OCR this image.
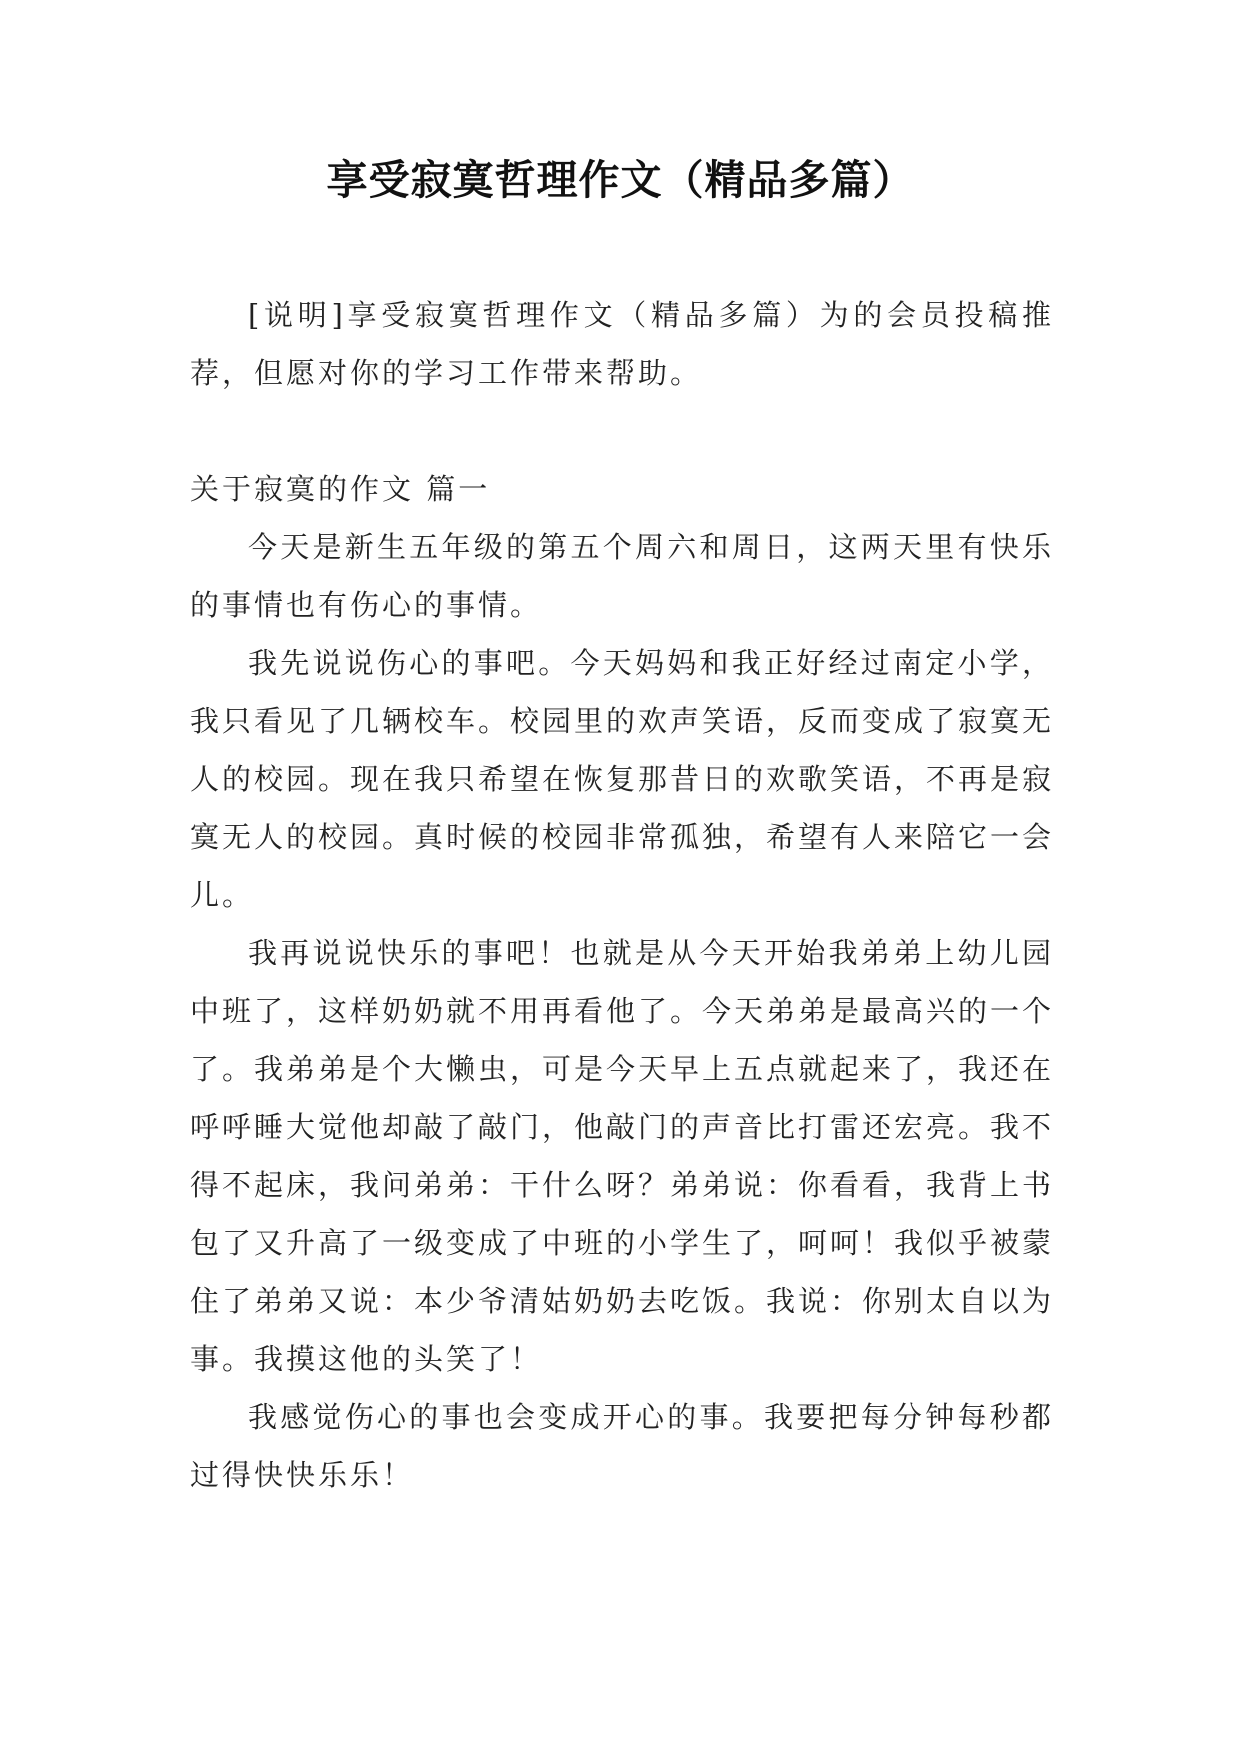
享受寂寞哲理作文（精品多篇）

[说明]享受寂寞哲理作文（精品多篇）为的会员投稿推荐，但愿对你的学习工作带来帮助。

关于寂寞的作文 篇一

今天是新生五年级的第五个周六和周日，这两天里有快乐的事情也有伤心的事情。

我先说说伤心的事吧。今天妈妈和我正好经过南定小学，我只看见了几辆校车。校园里的欢声笑语，反而变成了寂寞无人的校园。现在我只希望在恢复那昔日的欢歌笑语，不再是寂寞无人的校园。真时候的校园非常孤独，希望有人来陪它一会儿。

我再说说快乐的事吧！也就是从今天开始我弟弟上幼儿园中班了，这样奶奶就不用再看他了。今天弟弟是最高兴的一个了。我弟弟是个大懒虫，可是今天早上五点就起来了，我还在呼呼睡大觉他却敲了敲门，他敲门的声音比打雷还宏亮。我不得不起床，我问弟弟：干什么呀？弟弟说：你看看，我背上书包了又升高了一级变成了中班的小学生了，呵呵！我似乎被蒙住了弟弟又说：本少爷清姑奶奶去吃饭。我说：你别太自以为事。我摸这他的头笑了！

我感觉伤心的事也会变成开心的事。我要把每分钟每秒都过得快快乐乐！
